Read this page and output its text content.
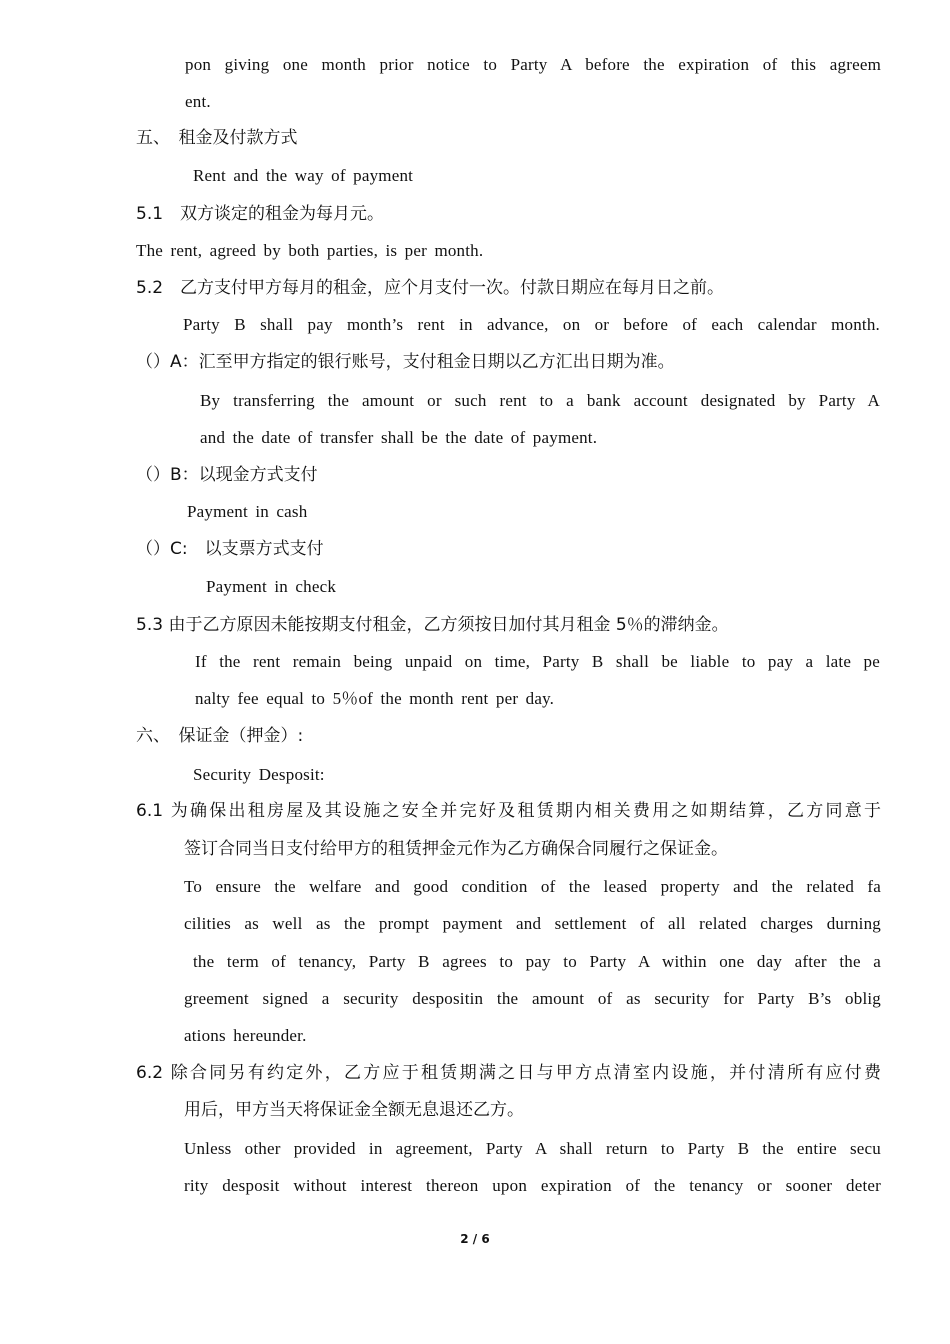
pon giving one month prior notice to Party A before the expiration of this agreem

ent.

五、　租金及付款方式

Rent and the way of payment

5.1　双方谈定的租金为每月元。

The rent, agreed by both parties, is per month.

5.2　乙方支付甲方每月的租金，应个月支付一次。付款日期应在每月日之前。

Party B shall pay month’s rent in advance, on or before of each calendar month.

（）A：汇至甲方指定的银行账号，支付租金日期以乙方汇出日期为准。

By transferring the amount or such rent to a bank account designated by Party A

and the date of transfer shall be the date of payment.

（）B：以现金方式支付

Payment in cash

（）C:　以支票方式支付

Payment in check

5.3 由于乙方原因未能按期支付租金，乙方须按日加付其月租金 5％的滞纳金。

If the rent remain being unpaid on time, Party B shall be liable to pay a late pe

nalty fee equal to 5％of the month rent per day.

六、　保证金（押金）:

Security Desposit:

6.1 为确保出租房屋及其设施之安全并完好及租赁期内相关费用之如期结算，乙方同意于

签订合同当日支付给甲方的租赁押金元作为乙方确保合同履行之保证金。

To ensure the welfare and good condition of the leased property and the related fa

cilities as well as the prompt payment and settlement of all related charges durning

the term of tenancy, Party B agrees to pay to Party A within one day after the a

greement signed a security despositin the amount of as security for Party B’s oblig

ations hereunder.

6.2 除合同另有约定外，乙方应于租赁期满之日与甲方点清室内设施，并付清所有应付费

用后，甲方当天将保证金全额无息退还乙方。

Unless other provided in agreement, Party A shall return to Party B the entire secu

rity desposit without interest thereon upon expiration of the tenancy or sooner deter

2 / 6
